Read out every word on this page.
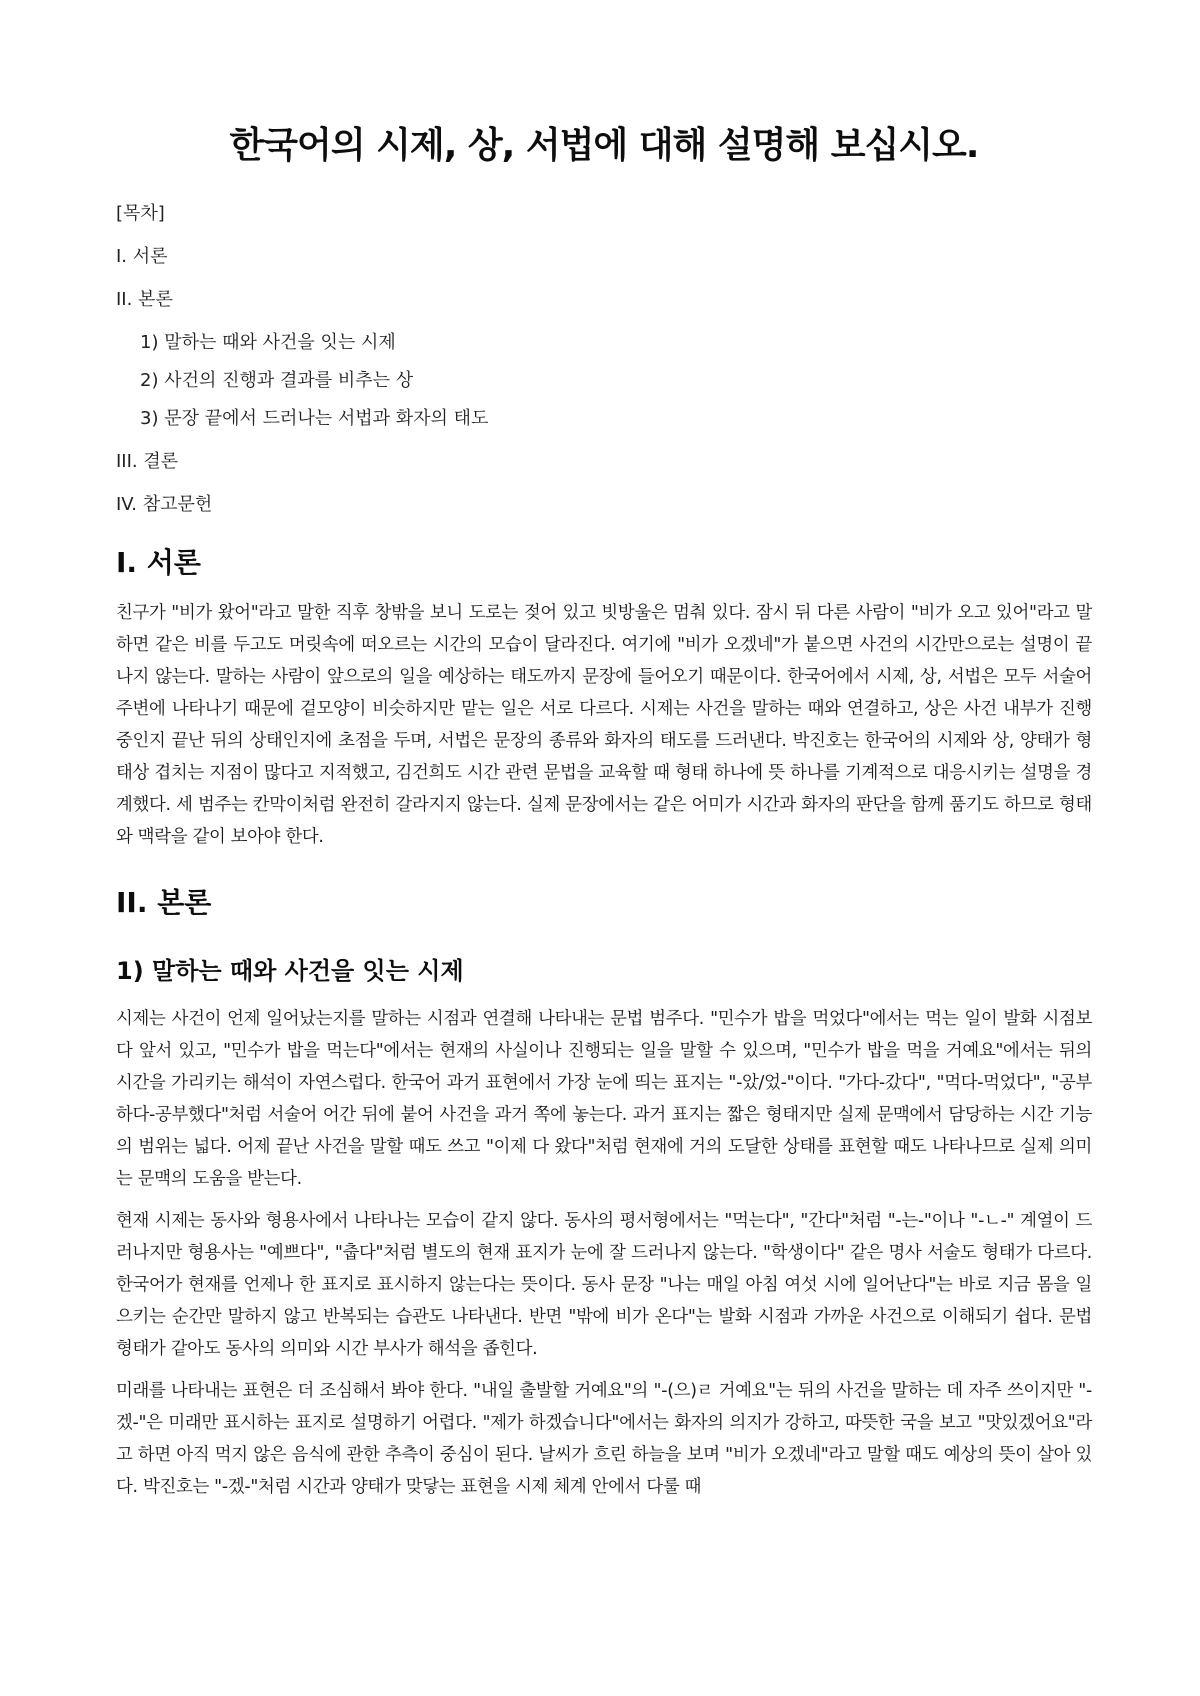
한국어의 시제, 상, 서법에 대해 설명해 보십시오.
[목차]
I. 서론
II. 본론
1) 말하는 때와 사건을 잇는 시제
2) 사건의 진행과 결과를 비추는 상
3) 문장 끝에서 드러나는 서법과 화자의 태도
III. 결론
IV. 참고문헌
I. 서론

친구가 "비가 왔어"라고 말한 직후 창밖을 보니 도로는 젖어 있고 빗방울은 멈춰 있다. 잠시 뒤 다른 사람이 "비가 오고 있어"라고 말하면 같은 비를 두고도 머릿속에 떠오르는 시간의 모습이 달라진다. 여기에 "비가 오겠네"가 붙으면 사건의 시간만으로는 설명이 끝나지 않는다. 말하는 사람이 앞으로의 일을 예상하는 태도까지 문장에 들어오기 때문이다. 한국어에서 시제, 상, 서법은 모두 서술어 주변에 나타나기 때문에 겉모양이 비슷하지만 맡는 일은 서로 다르다. 시제는 사건을 말하는 때와 연결하고, 상은 사건 내부가 진행 중인지 끝난 뒤의 상태인지에 초점을 두며, 서법은 문장의 종류와 화자의 태도를 드러낸다. 박진호는 한국어의 시제와 상, 양태가 형태상 겹치는 지점이 많다고 지적했고, 김건희도 시간 관련 문법을 교육할 때 형태 하나에 뜻 하나를 기계적으로 대응시키는 설명을 경계했다. 세 범주는 칸막이처럼 완전히 갈라지지 않는다. 실제 문장에서는 같은 어미가 시간과 화자의 판단을 함께 품기도 하므로 형태와 맥락을 같이 보아야 한다.

II. 본론
1) 말하는 때와 사건을 잇는 시제

시제는 사건이 언제 일어났는지를 말하는 시점과 연결해 나타내는 문법 범주다. "민수가 밥을 먹었다"에서는 먹는 일이 발화 시점보다 앞서 있고, "민수가 밥을 먹는다"에서는 현재의 사실이나 진행되는 일을 말할 수 있으며, "민수가 밥을 먹을 거예요"에서는 뒤의 시간을 가리키는 해석이 자연스럽다. 한국어 과거 표현에서 가장 눈에 띄는 표지는 "-았/었-"이다. "가다-갔다", "먹다-먹었다", "공부하다-공부했다"처럼 서술어 어간 뒤에 붙어 사건을 과거 쪽에 놓는다. 과거 표지는 짧은 형태지만 실제 문맥에서 담당하는 시간 기능의 범위는 넓다. 어제 끝난 사건을 말할 때도 쓰고 "이제 다 왔다"처럼 현재에 거의 도달한 상태를 표현할 때도 나타나므로 실제 의미는 문맥의 도움을 받는다.

현재 시제는 동사와 형용사에서 나타나는 모습이 같지 않다. 동사의 평서형에서는 "먹는다", "간다"처럼 "-는-"이나 "-ㄴ-" 계열이 드러나지만 형용사는 "예쁘다", "춥다"처럼 별도의 현재 표지가 눈에 잘 드러나지 않는다. "학생이다" 같은 명사 서술도 형태가 다르다. 한국어가 현재를 언제나 한 표지로 표시하지 않는다는 뜻이다. 동사 문장 "나는 매일 아침 여섯 시에 일어난다"는 바로 지금 몸을 일으키는 순간만 말하지 않고 반복되는 습관도 나타낸다. 반면 "밖에 비가 온다"는 발화 시점과 가까운 사건으로 이해되기 쉽다. 문법 형태가 같아도 동사의 의미와 시간 부사가 해석을 좁힌다.

미래를 나타내는 표현은 더 조심해서 봐야 한다. "내일 출발할 거예요"의 "-(으)ㄹ 거예요"는 뒤의 사건을 말하는 데 자주 쓰이지만 "-겠-"은 미래만 표시하는 표지로 설명하기 어렵다. "제가 하겠습니다"에서는 화자의 의지가 강하고, 따뜻한 국을 보고 "맛있겠어요"라고 하면 아직 먹지 않은 음식에 관한 추측이 중심이 된다. 날씨가 흐린 하늘을 보며 "비가 오겠네"라고 말할 때도 예상의 뜻이 살아 있다. 박진호는 "-겠-"처럼 시간과 양태가 맞닿는 표현을 시제 체계 안에서 다룰 때
